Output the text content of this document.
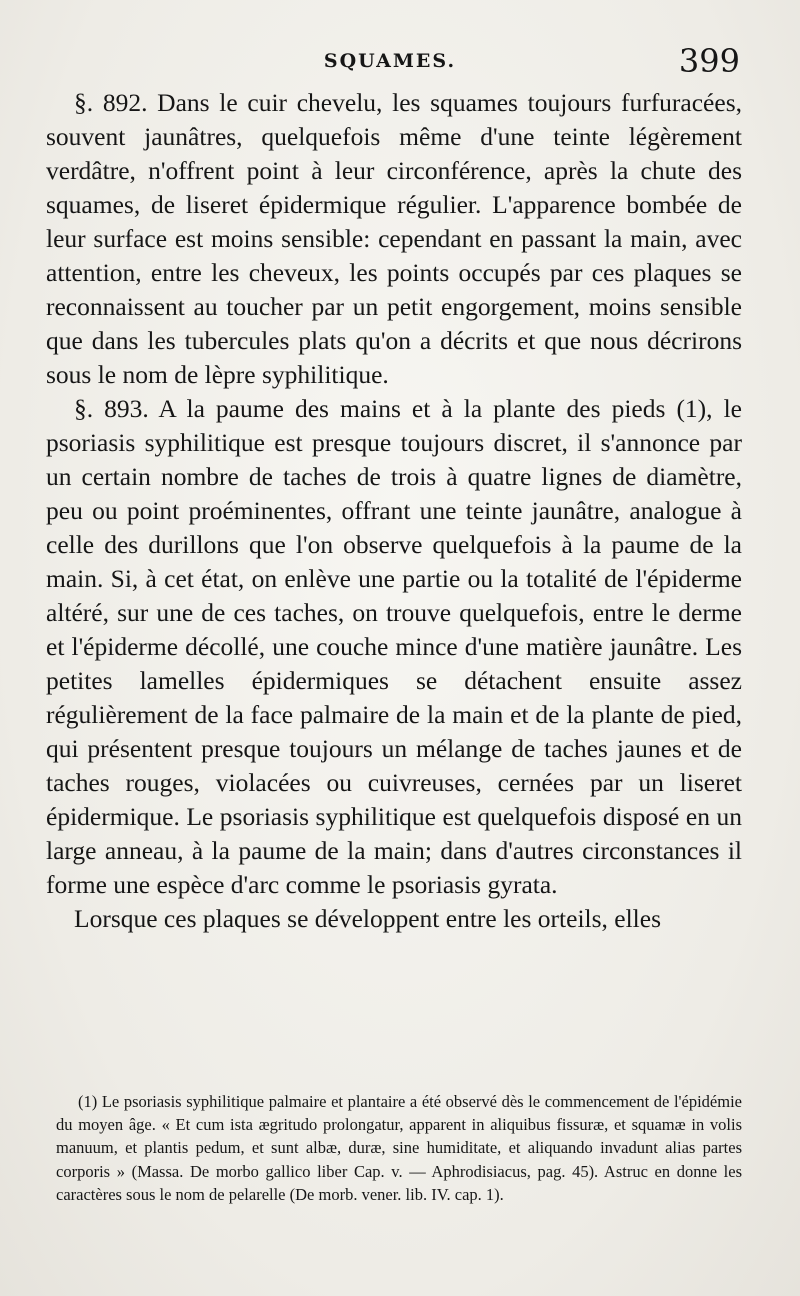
SQUAMES.	399

§. 892. Dans le cuir chevelu, les squames toujours furfuracées, souvent jaunâtres, quelquefois même d'une teinte légèrement verdâtre, n'offrent point à leur circonférence, après la chute des squames, de liseret épidermique régulier. L'apparence bombée de leur surface est moins sensible: cependant en passant la main, avec attention, entre les cheveux, les points occupés par ces plaques se reconnaissent au toucher par un petit engorgement, moins sensible que dans les tubercules plats qu'on a décrits et que nous décrirons sous le nom de lèpre syphilitique.

§. 893. A la paume des mains et à la plante des pieds (1), le psoriasis syphilitique est presque toujours discret, il s'annonce par un certain nombre de taches de trois à quatre lignes de diamètre, peu ou point proéminentes, offrant une teinte jaunâtre, analogue à celle des durillons que l'on observe quelquefois à la paume de la main. Si, à cet état, on enlève une partie ou la totalité de l'épiderme altéré, sur une de ces taches, on trouve quelquefois, entre le derme et l'épiderme décollé, une couche mince d'une matière jaunâtre. Les petites lamelles épidermiques se détachent ensuite assez régulièrement de la face palmaire de la main et de la plante de pied, qui présentent presque toujours un mélange de taches jaunes et de taches rouges, violacées ou cuivreuses, cernées par un liseret épidermique. Le psoriasis syphilitique est quelquefois disposé en un large anneau, à la paume de la main; dans d'autres circonstances il forme une espèce d'arc comme le psoriasis gyrata.

Lorsque ces plaques se développent entre les orteils, elles

(1) Le psoriasis syphilitique palmaire et plantaire a été observé dès le commencement de l'épidémie du moyen âge. « Et cum ista ægritudo prolongatur, apparent in aliquibus fissuræ, et squamæ in volis manuum, et plantis pedum, et sunt albæ, duræ, sine humiditate, et aliquando invadunt alias partes corporis » (Massa. De morbo gallico liber Cap. v. — Aphrodisiacus, pag. 45). Astruc en donne les caractères sous le nom de pelarelle (De morb. vener. lib. IV. cap. 1).
